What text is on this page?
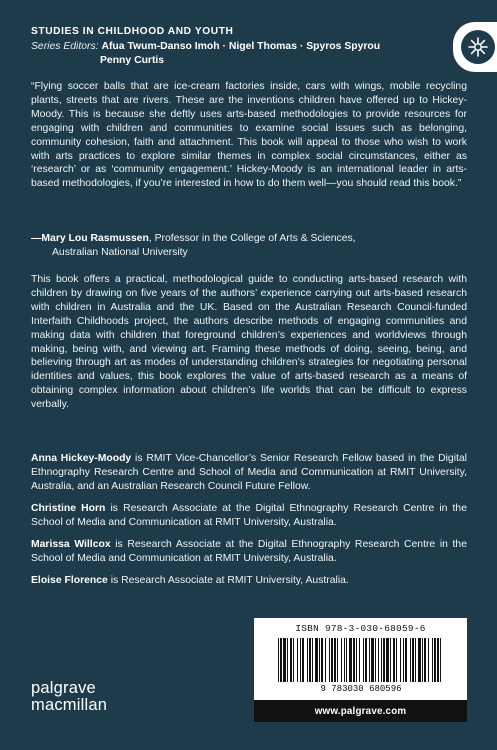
STUDIES IN CHILDHOOD AND YOUTH
Series Editors: Afua Twum-Danso Imoh · Nigel Thomas · Spyros Spyrou
Penny Curtis
“Flying soccer balls that are ice-cream factories inside, cars with wings, mobile recycling plants, streets that are rivers. These are the inventions children have offered up to Hickey-Moody. This is because she deftly uses arts-based methodologies to provide resources for engaging with children and communities to examine social issues such as belonging, community cohesion, faith and attachment. This book will appeal to those who wish to work with arts practices to explore similar themes in complex social circumstances, either as ‘research’ or as ‘community engagement.’ Hickey-Moody is an international leader in arts-based methodologies, if you’re interested in how to do them well—you should read this book.”
—Mary Lou Rasmussen, Professor in the College of Arts & Sciences,
Australian National University
This book offers a practical, methodological guide to conducting arts-based research with children by drawing on five years of the authors’ experience carrying out arts-based research with children in Australia and the UK. Based on the Australian Research Council-funded Interfaith Childhoods project, the authors describe methods of engaging communities and making data with children that foreground children’s experiences and worldviews through making, being with, and viewing art. Framing these methods of doing, seeing, being, and believing through art as modes of understanding children’s strategies for negotiating personal identities and values, this book explores the value of arts-based research as a means of obtaining complex information about children’s life worlds that can be difficult to express verbally.
Anna Hickey-Moody is RMIT Vice-Chancellor’s Senior Research Fellow based in the Digital Ethnography Research Centre and School of Media and Communication at RMIT University, Australia, and an Australian Research Council Future Fellow.
Christine Horn is Research Associate at the Digital Ethnography Research Centre in the School of Media and Communication at RMIT University, Australia.
Marissa Willcox is Research Associate at the Digital Ethnography Research Centre in the School of Media and Communication at RMIT University, Australia.
Eloise Florence is Research Associate at RMIT University, Australia.
palgrave
macmillan
ISBN 978-3-030-68059-6
9 783030 680596
www.palgrave.com
